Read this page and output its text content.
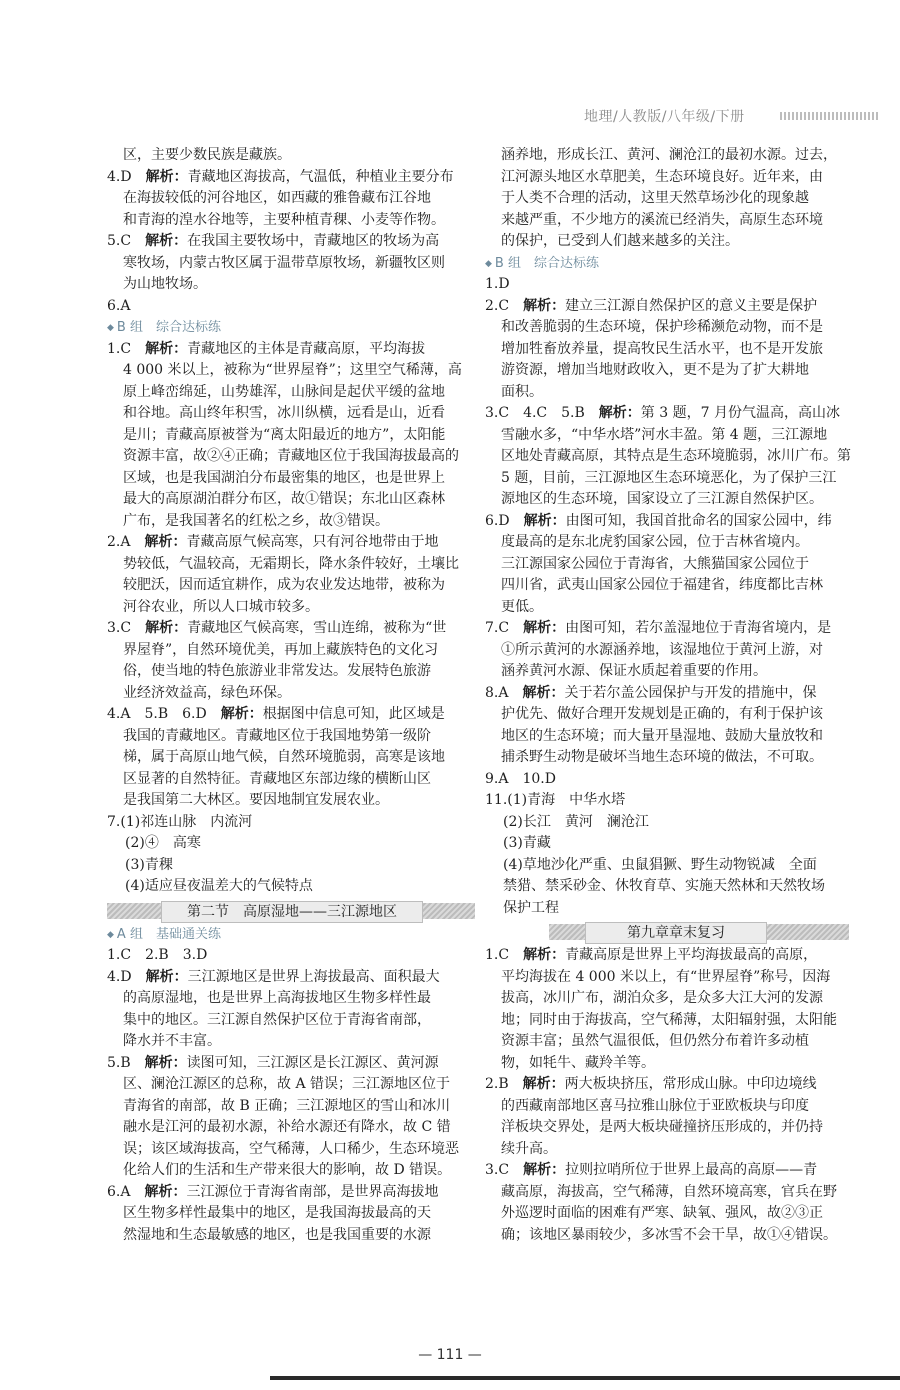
地理/人教版/八年级/下册
区，主要少数民族是藏族。
4.D　解析：青藏地区海拔高，气温低，种植业主要分布
在海拔较低的河谷地区，如西藏的雅鲁藏布江谷地
和青海的湟水谷地等，主要种植青稞、小麦等作物。
5.C　解析：在我国主要牧场中，青藏地区的牧场为高
寒牧场，内蒙古牧区属于温带草原牧场，新疆牧区则
为山地牧场。
6.A
◆ B 组　综合达标练
1.C　解析：青藏地区的主体是青藏高原，平均海拔
4 000 米以上，被称为“世界屋脊”；这里空气稀薄，高
原上峰峦绵延，山势雄浑，山脉间是起伏平缓的盆地
和谷地。高山终年积雪，冰川纵横，远看是山，近看
是川；青藏高原被誉为“离太阳最近的地方”，太阳能
资源丰富，故②④正确；青藏地区位于我国海拔最高的
区域，也是我国湖泊分布最密集的地区，也是世界上
最大的高原湖泊群分布区，故①错误；东北山区森林
广布，是我国著名的红松之乡，故③错误。
2.A　解析：青藏高原气候高寒，只有河谷地带由于地
势较低，气温较高，无霜期长，降水条件较好，土壤比
较肥沃，因而适宜耕作，成为农业发达地带，被称为
河谷农业，所以人口城市较多。
3.C　解析：青藏地区气候高寒，雪山连绵，被称为“世
界屋脊”，自然环境优美，再加上藏族特色的文化习
俗，使当地的特色旅游业非常发达。发展特色旅游
业经济效益高，绿色环保。
4.A　5.B　6.D　解析：根据图中信息可知，此区域是
我国的青藏地区。青藏地区位于我国地势第一级阶
梯，属于高原山地气候，自然环境脆弱，高寒是该地
区显著的自然特征。青藏地区东部边缘的横断山区
是我国第二大林区。要因地制宜发展农业。
7.(1)祁连山脉　内流河
(2)④　高寒
(3)青稞
(4)适应昼夜温差大的气候特点
第二节　高原湿地——三江源地区
◆ A 组　基础通关练
1.C　2.B　3.D
4.D　解析：三江源地区是世界上海拔最高、面积最大
的高原湿地，也是世界上高海拔地区生物多样性最
集中的地区。三江源自然保护区位于青海省南部，
降水并不丰富。
5.B　解析：读图可知，三江源区是长江源区、黄河源
区、澜沧江源区的总称，故 A 错误；三江源地区位于
青海省的南部，故 B 正确；三江源地区的雪山和冰川
融水是江河的最初水源，补给水源还有降水，故 C 错
误；该区域海拔高，空气稀薄，人口稀少，生态环境恶
化给人们的生活和生产带来很大的影响，故 D 错误。
6.A　解析：三江源位于青海省南部，是世界高海拔地
区生物多样性最集中的地区，是我国海拔最高的天
然湿地和生态最敏感的地区，也是我国重要的水源
涵养地，形成长江、黄河、澜沧江的最初水源。过去，
江河源头地区水草肥美，生态环境良好。近年来，由
于人类不合理的活动，这里天然草场沙化的现象越
来越严重，不少地方的溪流已经消失，高原生态环境
的保护，已受到人们越来越多的关注。
◆ B 组　综合达标练
1.D
2.C　解析：建立三江源自然保护区的意义主要是保护
和改善脆弱的生态环境，保护珍稀濒危动物，而不是
增加牲畜放养量，提高牧民生活水平，也不是开发旅
游资源，增加当地财政收入，更不是为了扩大耕地
面积。
3.C　4.C　5.B　解析：第 3 题，7 月份气温高，高山冰
雪融水多，“中华水塔”河水丰盈。第 4 题，三江源地
区地处青藏高原，其特点是生态环境脆弱，冰川广布。第
5 题，目前，三江源地区生态环境恶化，为了保护三江
源地区的生态环境，国家设立了三江源自然保护区。
6.D　解析：由图可知，我国首批命名的国家公园中，纬
度最高的是东北虎豹国家公园，位于吉林省境内。
三江源国家公园位于青海省，大熊猫国家公园位于
四川省，武夷山国家公园位于福建省，纬度都比吉林
更低。
7.C　解析：由图可知，若尔盖湿地位于青海省境内，是
①所示黄河的水源涵养地，该湿地位于黄河上游，对
涵养黄河水源、保证水质起着重要的作用。
8.A　解析：关于若尔盖公园保护与开发的措施中，保
护优先、做好合理开发规划是正确的，有利于保护该
地区的生态环境；而大量开垦湿地、鼓励大量放牧和
捕杀野生动物是破坏当地生态环境的做法，不可取。
9.A　10.D
11.(1)青海　中华水塔
(2)长江　黄河　澜沧江
(3)青藏
(4)草地沙化严重、虫鼠猖獗、野生动物锐减　全面
禁猎、禁采砂金、休牧育草、实施天然林和天然牧场
保护工程
第九章章末复习
1.C　解析：青藏高原是世界上平均海拔最高的高原，
平均海拔在 4 000 米以上，有“世界屋脊”称号，因海
拔高，冰川广布，湖泊众多，是众多大江大河的发源
地；同时由于海拔高，空气稀薄，太阳辐射强，太阳能
资源丰富；虽然气温很低，但仍然分布着许多动植
物，如牦牛、藏羚羊等。
2.B　解析：两大板块挤压，常形成山脉。中印边境线
的西藏南部地区喜马拉雅山脉位于亚欧板块与印度
洋板块交界处，是两大板块碰撞挤压形成的，并仍持
续升高。
3.C　解析：拉则拉哨所位于世界上最高的高原——青
藏高原，海拔高，空气稀薄，自然环境高寒，官兵在野
外巡逻时面临的困难有严寒、缺氧、强风，故②③正
确；该地区暴雨较少，多冰雪不会干旱，故①④错误。
— 111 —
